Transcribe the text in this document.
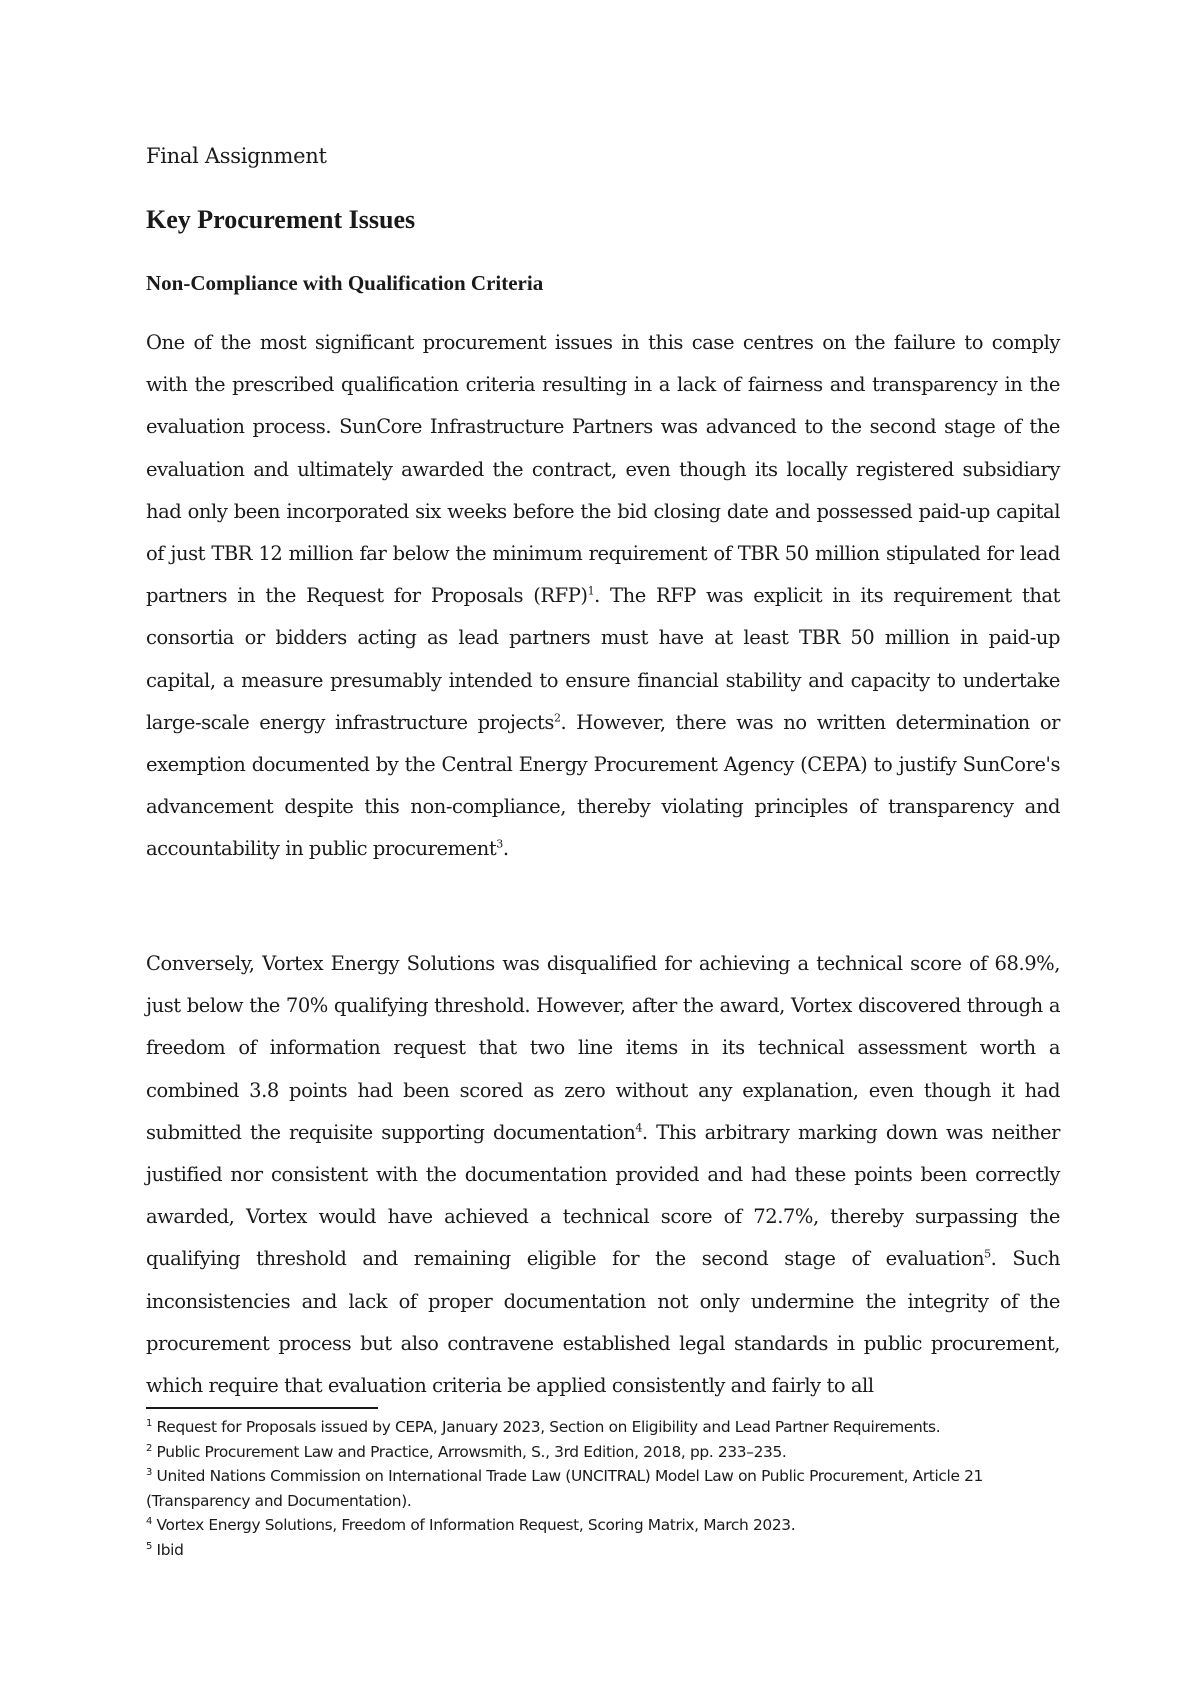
Final Assignment
Key Procurement Issues
Non-Compliance with Qualification Criteria

One of the most significant procurement issues in this case centres on the failure to comply with the prescribed qualification criteria resulting in a lack of fairness and transparency in the evaluation process. SunCore Infrastructure Partners was advanced to the second stage of the evaluation and ultimately awarded the contract, even though its locally registered subsidiary had only been incorporated six weeks before the bid closing date and possessed paid-up capital of just TBR 12 million far below the minimum requirement of TBR 50 million stipulated for lead partners in the Request for Proposals (RFP)$^1$. The RFP was explicit in its requirement that consortia or bidders acting as lead partners must have at least TBR 50 million in paid-up capital, a measure presumably intended to ensure financial stability and capacity to undertake large-scale energy infrastructure projects$^2$. However, there was no written determination or exemption documented by the Central Energy Procurement Agency (CEPA) to justify SunCore's advancement despite this non-compliance, thereby violating principles of transparency and accountability in public procurement$^3$.

Conversely, Vortex Energy Solutions was disqualified for achieving a technical score of 68.9%, just below the 70% qualifying threshold. However, after the award, Vortex discovered through a freedom of information request that two line items in its technical assessment worth a combined 3.8 points had been scored as zero without any explanation, even though it had submitted the requisite supporting documentation$^4$. This arbitrary marking down was neither justified nor consistent with the documentation provided and had these points been correctly awarded, Vortex would have achieved a technical score of 72.7%, thereby surpassing the qualifying threshold and remaining eligible for the second stage of evaluation$^5$. Such inconsistencies and lack of proper documentation not only undermine the integrity of the procurement process but also contravene established legal standards in public procurement, which require that evaluation criteria be applied consistently and fairly to all

$^1$ Request for Proposals issued by CEPA, January 2023, Section on Eligibility and Lead Partner Requirements.

$^2$ Public Procurement Law and Practice, Arrowsmith, S., 3rd Edition, 2018, pp. 233–235.

$^3$ United Nations Commission on International Trade Law (UNCITRAL) Model Law on Public Procurement, Article 21 (Transparency and Documentation).

$^4$ Vortex Energy Solutions, Freedom of Information Request, Scoring Matrix, March 2023.

$^5$ Ibid
